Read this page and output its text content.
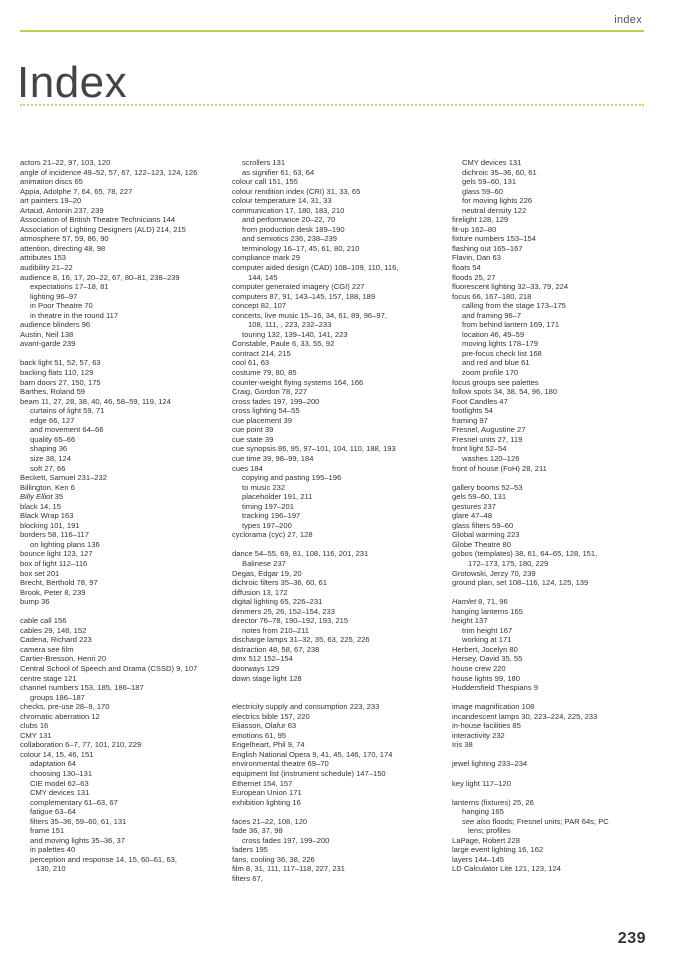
index
Index
actors 21–22, 97, 103, 120
angle of incidence 49–52, 57, 67, 122–123, 124, 126
animation discs 65
Appia, Adolphe 7, 64, 65, 78, 227
art painters 19–20
Artaud, Antonin 237, 239
Association of British Theatre Technicians 144
Association of Lighting Designers (ALD) 214, 215
atmosphere 57, 59, 86, 90
attention, directing 48, 98
attributes 153
audibility 21–22
audience 8, 16, 17, 20–22, 67, 80–81, 238–239
expectations 17–18, 81
lighting 96–97
in Poor Theatre 70
in theatre in the round 117
audience blinders 96
Austin, Neil 138
avant-garde 239
back light 51, 52, 57, 63
backing flats 110, 129
barn doors 27, 150, 175
Barthes, Roland 59
beam 11, 27, 28, 38, 40, 46, 58–59, 119, 124
curtains of light 59, 71
edge 66, 127
and movement 64–66
quality 65–66
shaping 36
size 38, 124
soft 27, 66
Beckett, Samuel 231–232
Billington, Ken 6
Billy Elliot 35
black 14, 15
Black Wrap 163
blocking 101, 191
borders 58, 116–117
on lighting plans 136
bounce light 123, 127
box of light 112–116
box set 201
Brecht, Berthold 78, 97
Brook, Peter 8, 239
bump 36
cable call 156
cables 29, 148, 152
Cadena, Richard 223
camera see film
Cartier-Bresson, Henri 20
Central School of Speech and Drama (CSSD) 9, 107
centre stage 121
channel numbers 153, 185, 186–187
groups 186–187
checks, pre-use 28–9, 170
chromatic aberration 12
clubs 16
CMY 131
collaboration 6–7, 77, 101, 210, 229
colour 14, 15, 46, 151
adaptation 64
choosing 130–131
CIE model 62–63
CMY devices 131
complementary 61–63, 67
fatigue 63–64
filters 35–36, 59–60, 61, 131
frame 151
and moving lights 35–36, 37
in palettes 40
perception and response 14, 15, 60–61, 63,
130, 210
scrollers 131
as signifier 61, 63, 64
colour call 151, 155
colour rendition index (CRI) 31, 33, 65
colour temperature 14, 31, 33
communication 17, 180, 183, 210
and performance 20–22, 70
from production desk 189–190
and semiotics 236, 238–239
terminology 16–17, 45, 61, 80, 210
compliance mark 29
computer aided design (CAD) 108–109, 110, 116,
144, 145
computer generated imagery (CGI) 227
computers 87, 91, 143–145, 157, 188, 189
concept 82, 107
concerts, live music 15–16, 34, 61, 89, 96–97,
108, 111, , 223, 232–233
touring 132, 139–140, 141, 223
Constable, Paule 6, 33, 55, 92
contract 214, 215
cool 61, 63
costume 79, 80, 85
counter-weight flying systems 164, 166
Craig, Gordon 78, 227
cross fades 197, 199–200
cross lighting 54–55
cue placement 39
cue point 39
cue state 39
cue synopsis 86, 95, 97–101, 104, 110, 188, 193
cue time 39, 98–99, 184
cues 184
copying and pasting 195–196
to music 232
placeholder 191, 211
timing 197–201
tracking 196–197
types 197–200
cyclorama (cyc) 27, 128
dance 54–55, 69, 81, 108, 116, 201, 231
Balinese 237
Degas, Edgar 19, 20
dichroic filters 35–36, 60, 61
diffusion 13, 172
digital lighting 65, 226–231
dimmers 25, 26, 152–154, 233
director 76–78, 190–192, 193, 215
notes from 210–211
discharge lamps 31–32, 35, 63, 225, 226
distraction 48, 58, 67, 238
dmx 512 152–154
doorways 129
down stage light 128
electricity supply and consumption 223, 233
electrics bible 157, 220
Eliasson, Olafur 63
emotions 61, 95
Engelheart, Phil 9, 74
English National Opera 9, 41, 45, 146, 170, 174
environmental theatre 69–70
equipment list (instrument schedule) 147–150
Ethernet 154, 157
European Union 171
exhibition lighting 16
faces 21–22, 108, 120
fade 36, 37, 98
cross fades 197, 199–200
faders 195
fans, cooling 36, 38, 226
film 8, 31, 111, 117–118, 227, 231
filters 67,
CMY devices 131
dichroic 35–36, 60, 61
gels 59–60, 131
glass 59–60
for moving lights 226
neutral density 122
firelight 128, 129
fit-up 162–80
fixture numbers 153–154
flashing out 165–167
Flavin, Dan 63
floats 54
floods 25, 27
fluorescent lighting 32–33, 79, 224
focus 66, 167–180, 218
calling from the stage 173–175
and framing 96–7
from behind lantern 169, 171
location 46, 49–59
moving lights 178–179
pre-focus check list 168
and red and blue 61
zoom profile 170
focus groups see palettes
follow spots 34, 38, 54, 96, 180
Foot Candles 47
footlights 54
framing 97
Fresnel, Augustine 27
Fresnel units 27, 119
front light 52–54
washes 120–126
front of house (FoH) 28, 211
gallery booms 52–53
gels 59–60, 131
gestures 237
glare 47–48
glass filters 59–60
Global warming 223
Globe Theatre 80
gobos (templates) 38, 61, 64–65, 128, 151,
172–173, 175, 180, 229
Grotowski, Jerzy 70, 239
ground plan, set 108–116, 124, 125, 139
Hamlet 8, 71, 96
hanging lanterns 165
height 137
trim height 167
working at 171
Herbert, Jocelyn 80
Hersey, David 35, 55
house crew 220
house lights 99, 180
Huddersfield Thespians 9
image magnification 108
incandescent lamps 30, 223–224, 225, 233
in-house facilities 85
interactivity 232
Iris 38
jewel lighting 233–234
key light 117–120
lanterns (fixtures) 25, 26
hanging 165
see also floods; Fresnel units; PAR 64s; PC
lens; profiles
LaPage, Robert 228
large event lighting 16, 162
layers 144–145
LD Calculator Lite 121, 123, 124
239
